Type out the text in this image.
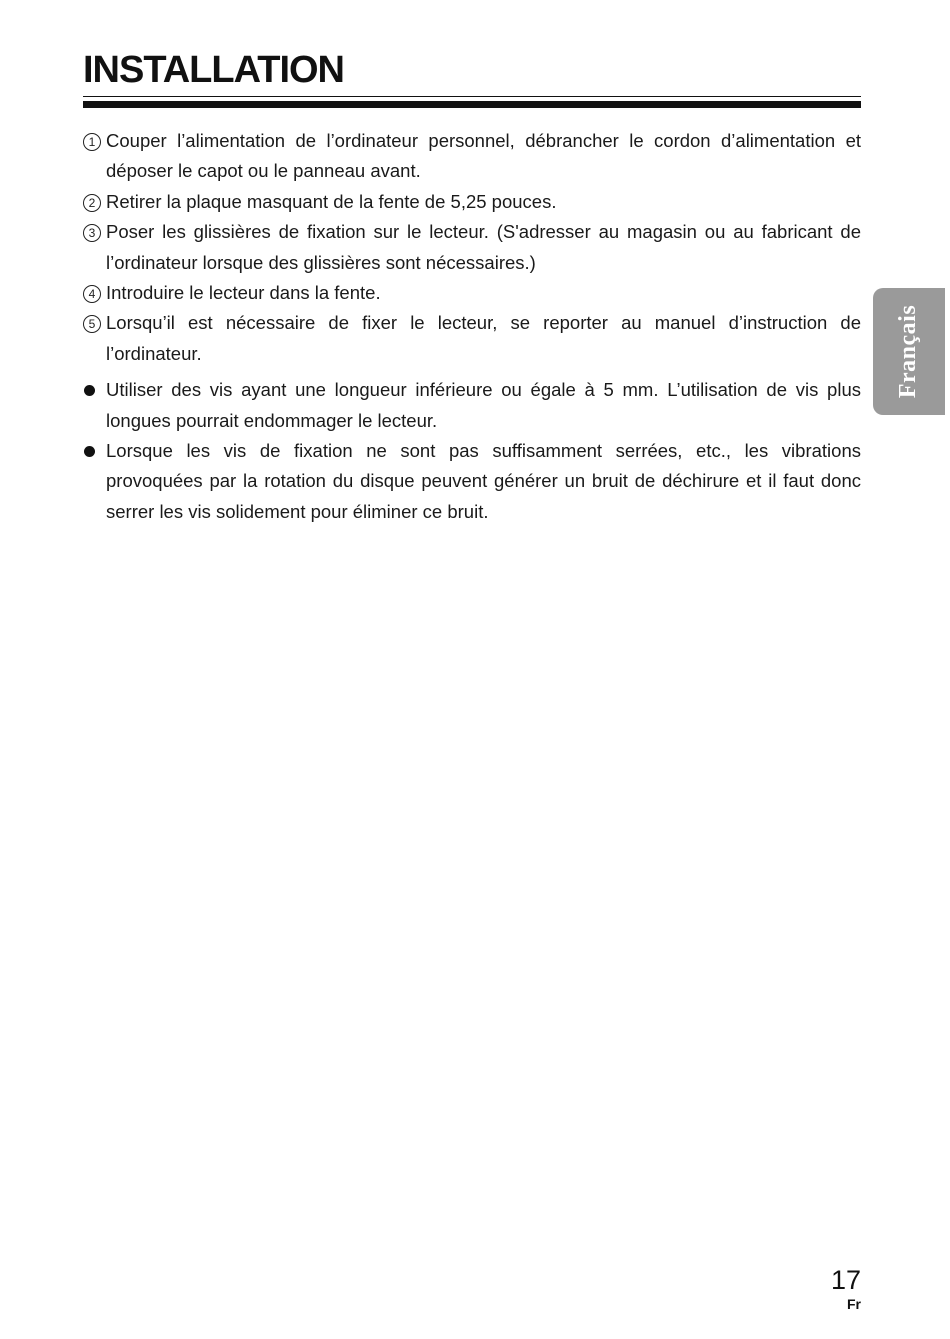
INSTALLATION
1 Couper l’alimentation de l’ordinateur personnel, débrancher le cordon d’alimentation et déposer le capot ou le panneau avant.
2 Retirer la plaque masquant de la fente de 5,25 pouces.
3 Poser les glissières de fixation sur le lecteur. (S'adresser au magasin ou au fabricant de l’ordinateur lorsque des glissières sont nécessaires.)
4 Introduire le lecteur dans la fente.
5 Lorsqu’il est nécessaire de fixer le lecteur, se reporter au manuel d’instruction de l’ordinateur.
Utiliser des vis ayant une longueur inférieure ou égale à 5 mm. L’utilisation de vis plus longues pourrait endommager le lecteur.
Lorsque les vis de fixation ne sont pas suffisamment serrées, etc., les vibrations provoquées par la rotation du disque peuvent générer un bruit de déchirure et il faut donc serrer les vis solidement pour éliminer ce bruit.
Français
17
Fr
